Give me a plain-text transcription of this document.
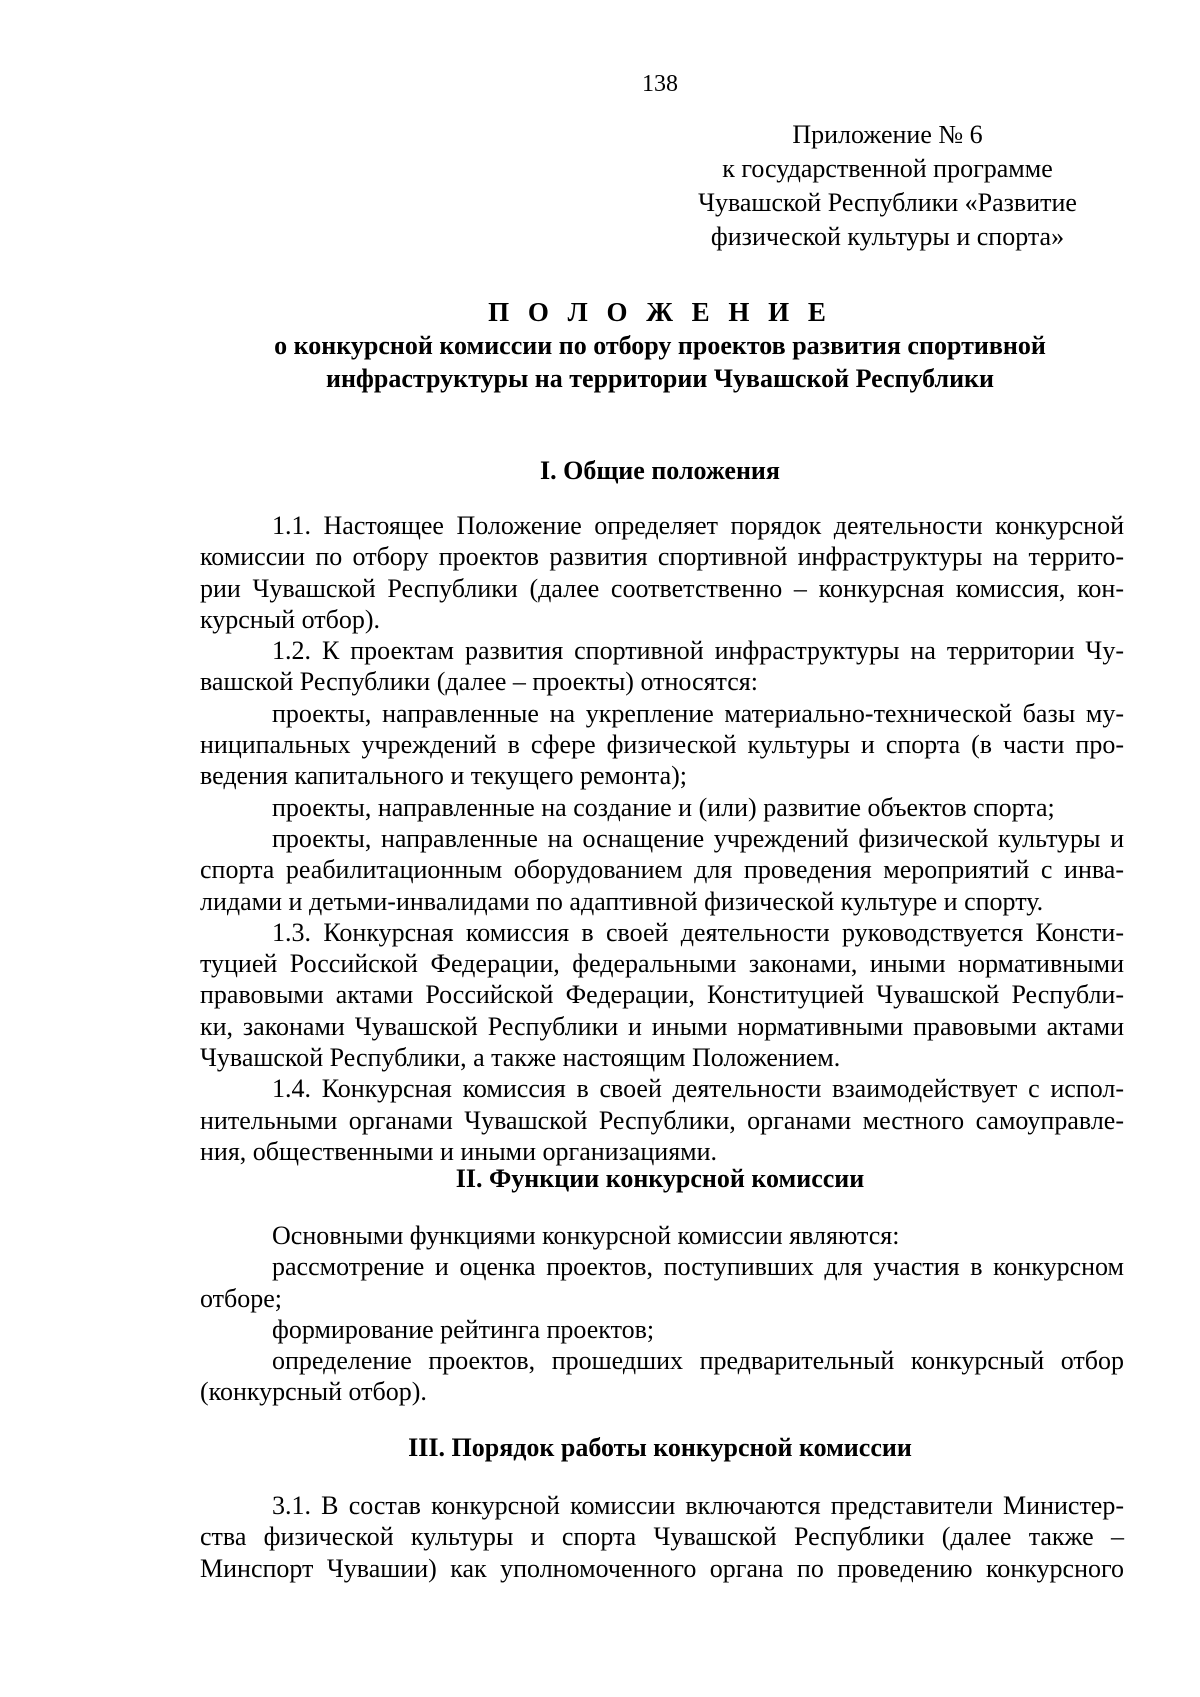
138
Приложение № 6
к государственной программе
Чувашской Республики «Развитие
физической культуры и спорта»
П О Л О Ж Е Н И Е
о конкурсной комиссии по отбору проектов развития спортивной
инфраструктуры на территории Чувашской Республики
I. Общие положения
1.1. Настоящее Положение определяет порядок деятельности конкурсной
комиссии по отбору проектов развития спортивной инфраструктуры на террито-
рии Чувашской Республики (далее соответственно – конкурсная комиссия, кон-
курсный отбор).
1.2. К проектам развития спортивной инфраструктуры на территории Чу-
вашской Республики (далее – проекты) относятся:
проекты, направленные на укрепление материально-технической базы му-
ниципальных учреждений в сфере физической культуры и спорта (в части про-
ведения капитального и текущего ремонта);
проекты, направленные на создание и (или) развитие объектов спорта;
проекты, направленные на оснащение учреждений физической культуры и
спорта реабилитационным оборудованием для проведения мероприятий с инва-
лидами и детьми-инвалидами по адаптивной физической культуре и спорту.
1.3. Конкурсная комиссия в своей деятельности руководствуется Консти-
туцией Российской Федерации, федеральными законами, иными нормативными
правовыми актами Российской Федерации, Конституцией Чувашской Республи-
ки, законами Чувашской Республики и иными нормативными правовыми актами
Чувашской Республики, а также настоящим Положением.
1.4. Конкурсная комиссия в своей деятельности взаимодействует с испол-
нительными органами Чувашской Республики, органами местного самоуправле-
ния, общественными и иными организациями.
II. Функции конкурсной комиссии
Основными функциями конкурсной комиссии являются:
рассмотрение и оценка проектов, поступивших для участия в конкурсном
отборе;
формирование рейтинга проектов;
определение проектов, прошедших предварительный конкурсный отбор
(конкурсный отбор).
III. Порядок работы конкурсной комиссии
3.1. В состав конкурсной комиссии включаются представители Министер-
ства физической культуры и спорта Чувашской Республики (далее также –
Минспорт Чувашии) как уполномоченного органа по проведению конкурсного
